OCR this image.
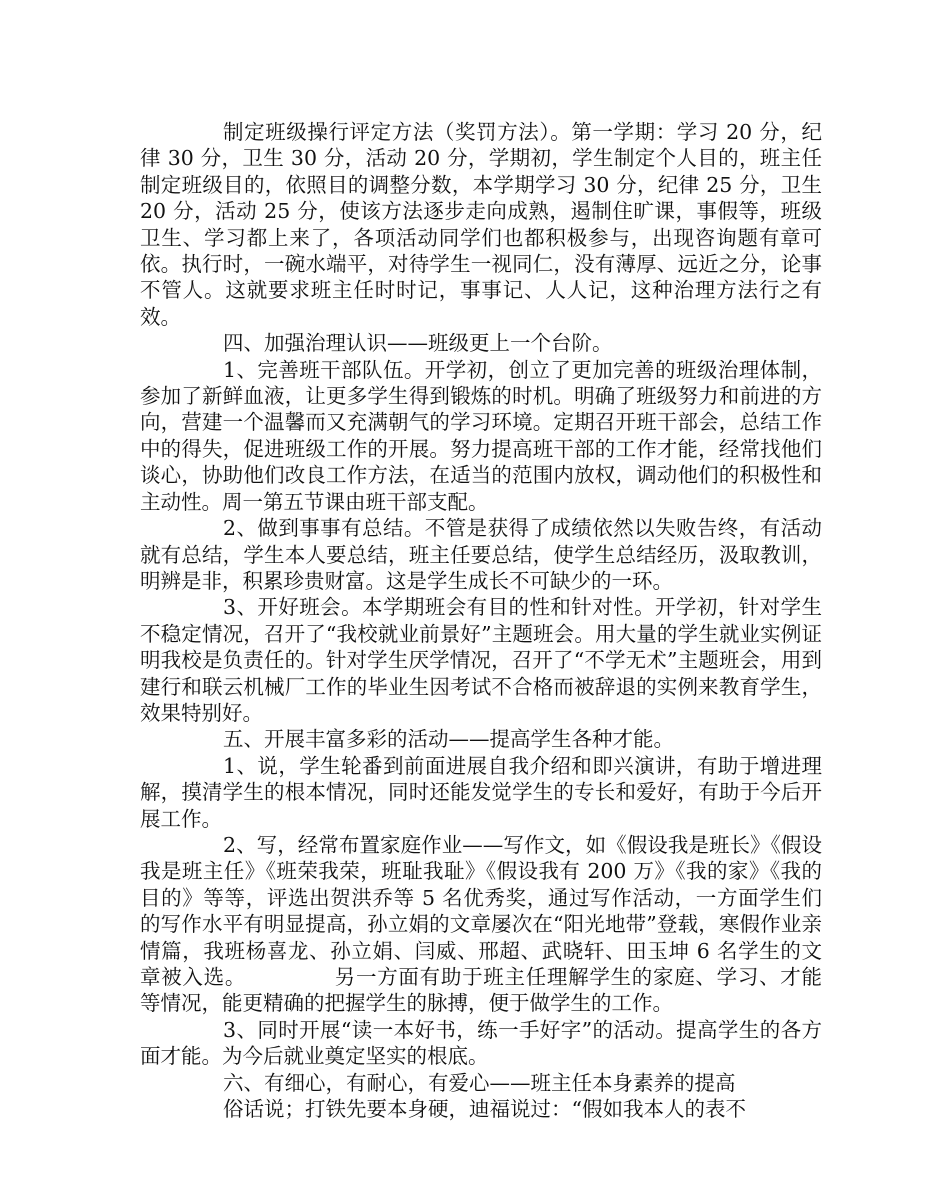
制定班级操行评定方法（奖罚方法）。第一学期：学习 20 分，纪律 30 分，卫生 30 分，活动 20 分，学期初，学生制定个人目的，班主任制定班级目的，依照目的调整分数，本学期学习 30 分，纪律 25 分，卫生 20 分，活动 25 分，使该方法逐步走向成熟，遏制住旷课，事假等，班级卫生、学习都上来了，各项活动同学们也都积极参与，出现咨询题有章可依。执行时，一碗水端平，对待学生一视同仁，没有薄厚、远近之分，论事不管人。这就要求班主任时时记，事事记、人人记，这种治理方法行之有效。

四、加强治理认识——班级更上一个台阶。

1、完善班干部队伍。开学初，创立了更加完善的班级治理体制，参加了新鲜血液，让更多学生得到锻炼的时机。明确了班级努力和前进的方向，营建一个温馨而又充满朝气的学习环境。定期召开班干部会，总结工作中的得失，促进班级工作的开展。努力提高班干部的工作才能，经常找他们谈心，协助他们改良工作方法，在适当的范围内放权，调动他们的积极性和主动性。周一第五节课由班干部支配。

2、做到事事有总结。不管是获得了成绩依然以失败告终，有活动就有总结，学生本人要总结，班主任要总结，使学生总结经历，汲取教训，明辨是非，积累珍贵财富。这是学生成长不可缺少的一环。

3、开好班会。本学期班会有目的性和针对性。开学初，针对学生不稳定情况，召开了“我校就业前景好”主题班会。用大量的学生就业实例证明我校是负责任的。针对学生厌学情况，召开了“不学无术”主题班会，用到建行和联云机械厂工作的毕业生因考试不合格而被辞退的实例来教育学生，效果特别好。

五、开展丰富多彩的活动——提高学生各种才能。

1、说，学生轮番到前面进展自我介绍和即兴演讲，有助于增进理解，摸清学生的根本情况，同时还能发觉学生的专长和爱好，有助于今后开展工作。

2、写，经常布置家庭作业——写作文，如《假设我是班长》《假设我是班主任》《班荣我荣，班耻我耻》《假设我有 200 万》《我的家》《我的目的》等等，评选出贺洪乔等 5 名优秀奖，通过写作活动，一方面学生们的写作水平有明显提高，孙立娟的文章屡次在“阳光地带”登载，寒假作业亲情篇，我班杨喜龙、孙立娟、闫威、邢超、武晓轩、田玉坤 6 名学生的文章被入选。	另一方面有助于班主任理解学生的家庭、学习、才能等情况，能更精确的把握学生的脉搏，便于做学生的工作。

3、同时开展“读一本好书，练一手好字”的活动。提高学生的各方面才能。为今后就业奠定坚实的根底。

六、有细心，有耐心，有爱心——班主任本身素养的提高

俗话说；打铁先要本身硬，迪福说过：“假如我本人的表不
